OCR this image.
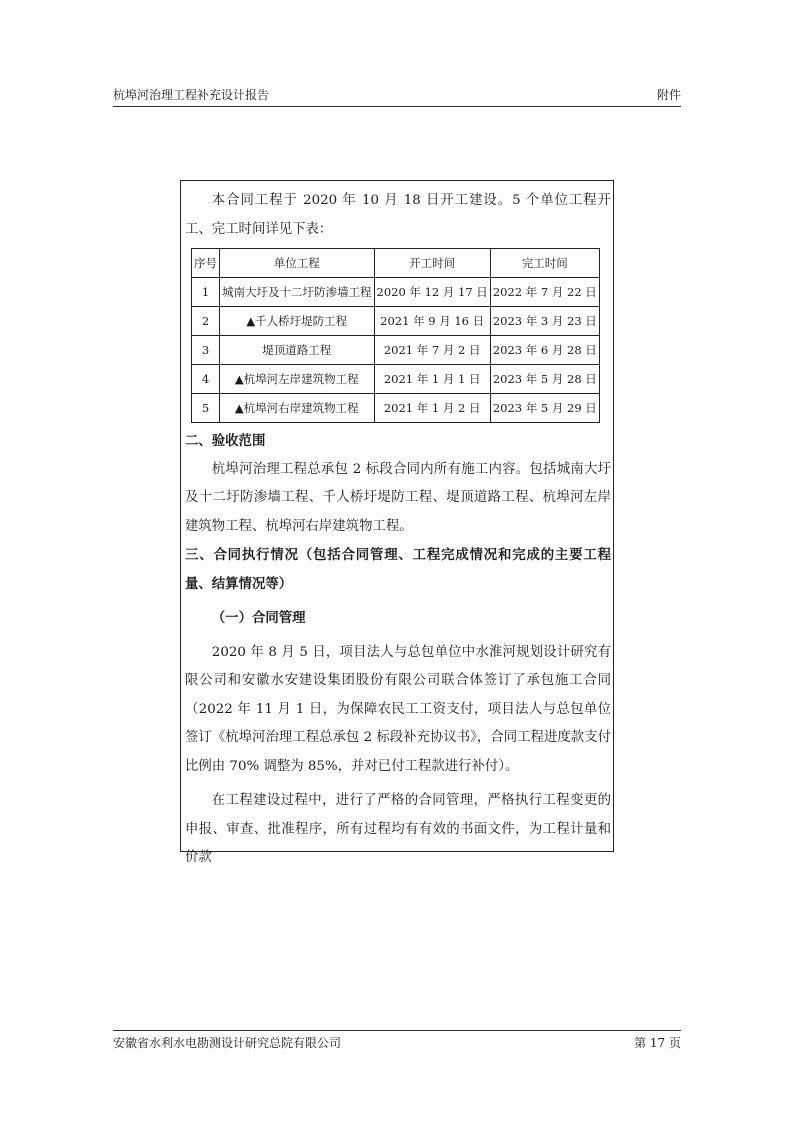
杭埠河治理工程补充设计报告	附件

本合同工程于 2020 年 10 月 18 日开工建设。5 个单位工程开工、完工时间详见下表：

序号	单位工程	开工时间	完工时间
1	城南大圩及十二圩防渗墙工程	2020 年 12 月 17 日	2022 年 7 月 22 日
2	▲千人桥圩堤防工程	2021 年 9 月 16 日	2023 年 3 月 23 日
3	堤顶道路工程	2021 年 7 月 2 日	2023 年 6 月 28 日
4	▲杭埠河左岸建筑物工程	2021 年 1 月 1 日	2023 年 5 月 28 日
5	▲杭埠河右岸建筑物工程	2021 年 1 月 2 日	2023 年 5 月 29 日

二、验收范围

杭埠河治理工程总承包 2 标段合同内所有施工内容。包括城南大圩及十二圩防渗墙工程、千人桥圩堤防工程、堤顶道路工程、杭埠河左岸建筑物工程、杭埠河右岸建筑物工程。

三、合同执行情况（包括合同管理、工程完成情况和完成的主要工程量、结算情况等）

（一）合同管理

2020 年 8 月 5 日，项目法人与总包单位中水淮河规划设计研究有限公司和安徽水安建设集团股份有限公司联合体签订了承包施工合同（2022 年 11 月 1 日，为保障农民工工资支付，项目法人与总包单位签订《杭埠河治理工程总承包 2 标段补充协议书》，合同工程进度款支付比例由 70% 调整为 85%，并对已付工程款进行补付）。

在工程建设过程中，进行了严格的合同管理，严格执行工程变更的申报、审查、批准程序，所有过程均有有效的书面文件，为工程计量和价款

安徽省水利水电勘测设计研究总院有限公司	第 17 页
